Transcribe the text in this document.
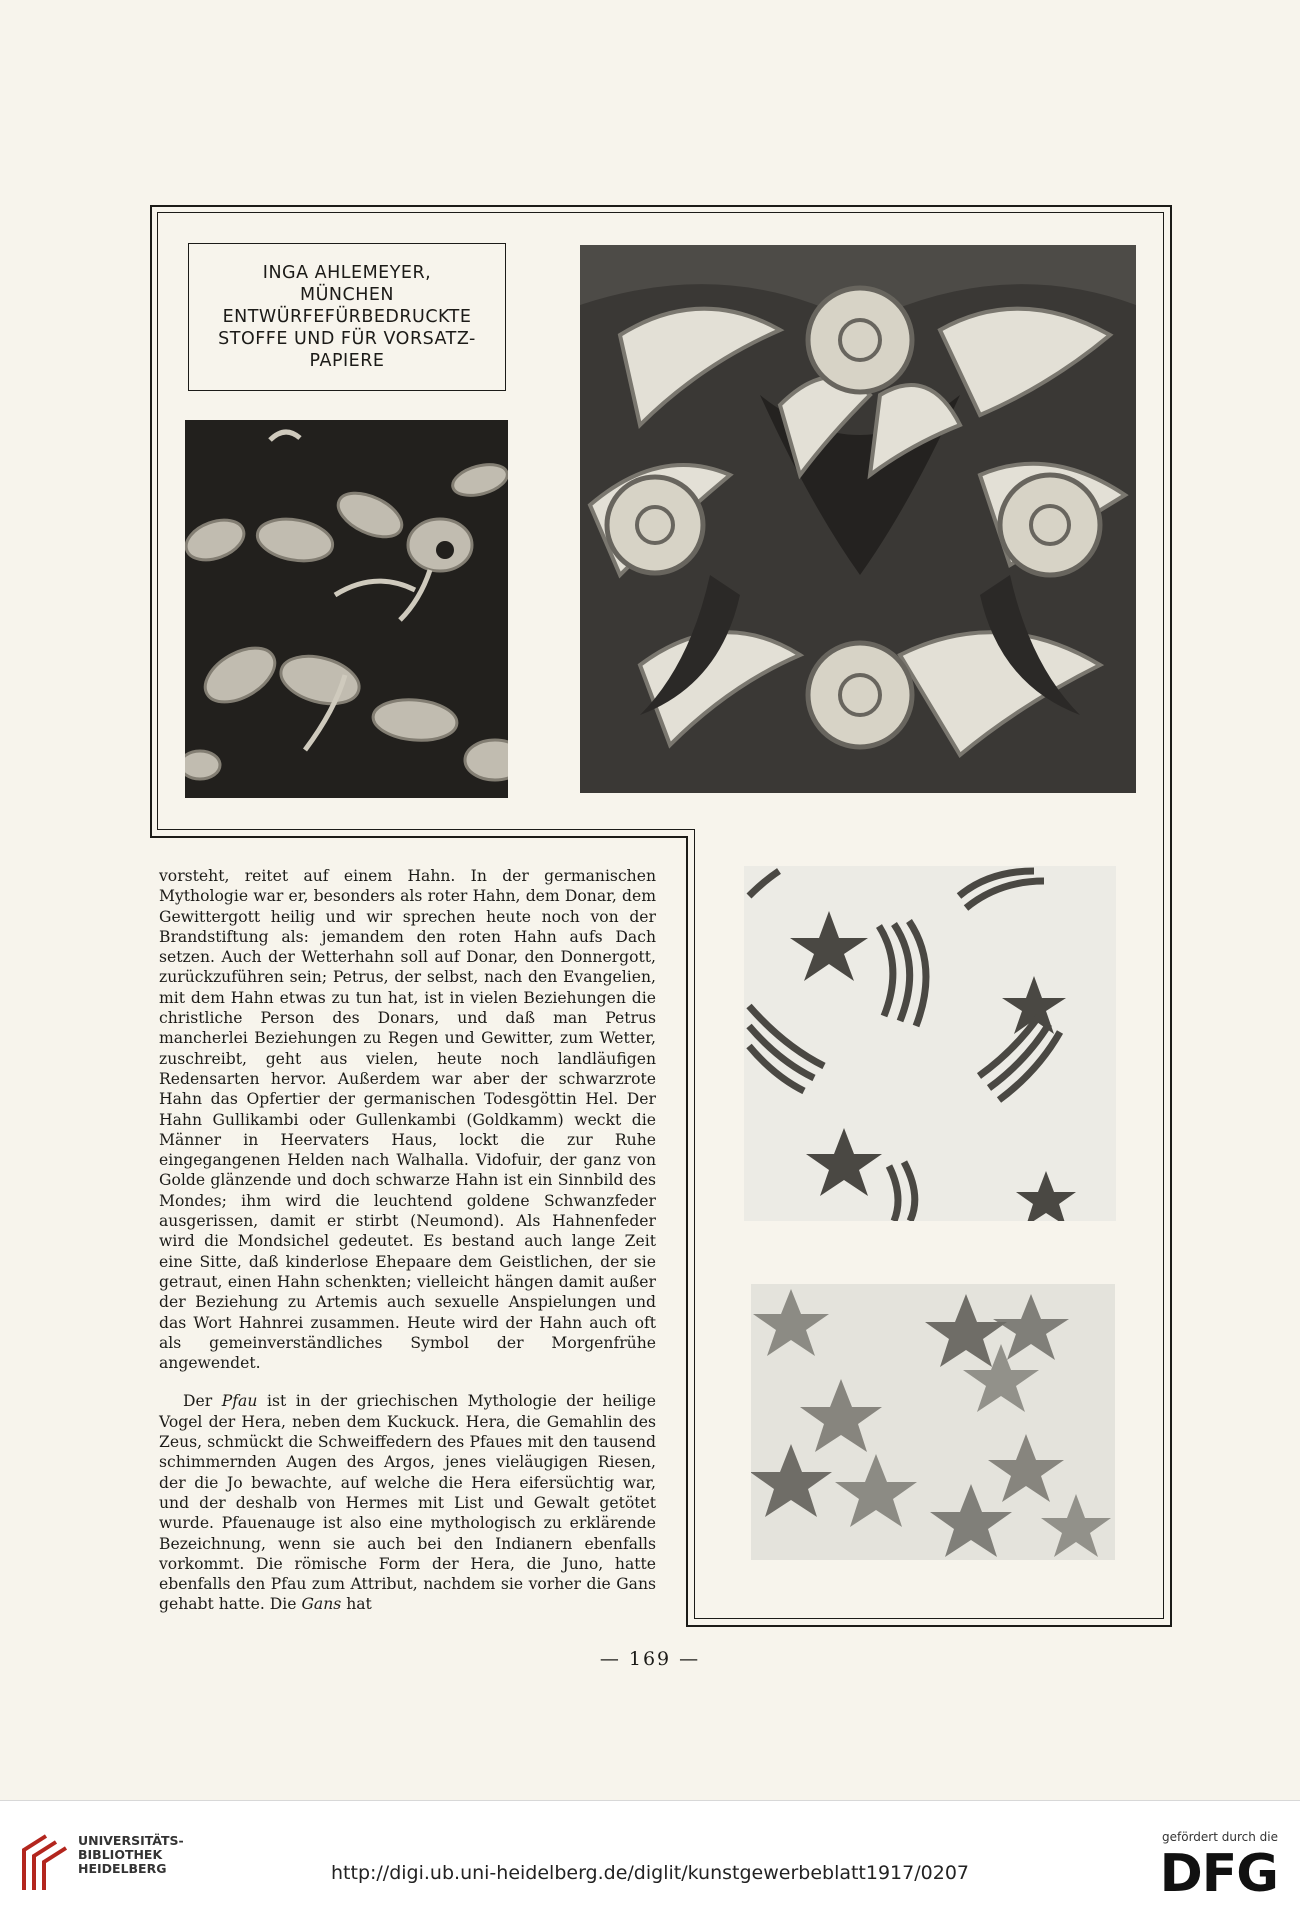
INGA AHLEMEYER,
MÜNCHEN
ENTWÜRFEFÜRBEDRUCKTE
STOFFE UND FÜR VORSATZ-
PAPIERE

vorsteht, reitet auf einem Hahn. In der germanischen Mythologie war er, besonders als roter Hahn, dem Donar, dem Gewittergott heilig und wir sprechen heute noch von der Brandstiftung als: jemandem den roten Hahn aufs Dach setzen. Auch der Wetterhahn soll auf Donar, den Donnergott, zurückzuführen sein; Petrus, der selbst, nach den Evangelien, mit dem Hahn etwas zu tun hat, ist in vielen Beziehungen die christliche Person des Donars, und daß man Petrus mancherlei Beziehungen zu Regen und Gewitter, zum Wetter, zuschreibt, geht aus vielen, heute noch landläufigen Redensarten hervor. Außerdem war aber der schwarzrote Hahn das Opfertier der germanischen Todesgöttin Hel. Der Hahn Gullikambi oder Gullenkambi (Goldkamm) weckt die Männer in Heervaters Haus, lockt die zur Ruhe eingegangenen Helden nach Walhalla. Vidofuir, der ganz von Golde glänzende und doch schwarze Hahn ist ein Sinnbild des Mondes; ihm wird die leuchtend goldene Schwanzfeder ausgerissen, damit er stirbt (Neumond). Als Hahnenfeder wird die Mondsichel gedeutet. Es bestand auch lange Zeit eine Sitte, daß kinderlose Ehepaare dem Geistlichen, der sie getraut, einen Hahn schenkten; vielleicht hängen damit außer der Beziehung zu Artemis auch sexuelle Anspielungen und das Wort Hahnrei zusammen. Heute wird der Hahn auch oft als gemeinverständliches Symbol der Morgenfrühe angewendet.

Der Pfau ist in der griechischen Mythologie der heilige Vogel der Hera, neben dem Kuckuck. Hera, die Gemahlin des Zeus, schmückt die Schweiffedern des Pfaues mit den tausend schimmernden Augen des Argos, jenes vieläugigen Riesen, der die Jo bewachte, auf welche die Hera eifersüchtig war, und der deshalb von Hermes mit List und Gewalt getötet wurde. Pfauenauge ist also eine mythologisch zu erklärende Bezeichnung, wenn sie auch bei den Indianern ebenfalls vorkommt. Die römische Form der Hera, die Juno, hatte ebenfalls den Pfau zum Attribut, nachdem sie vorher die Gans gehabt hatte. Die Gans hat

— 169 —
UNIVERSITÄTS-
BIBLIOTHEK
HEIDELBERG	http://digi.ub.uni-heidelberg.de/diglit/kunstgewerbeblatt1917/0207
gefördert durch die
DFG
